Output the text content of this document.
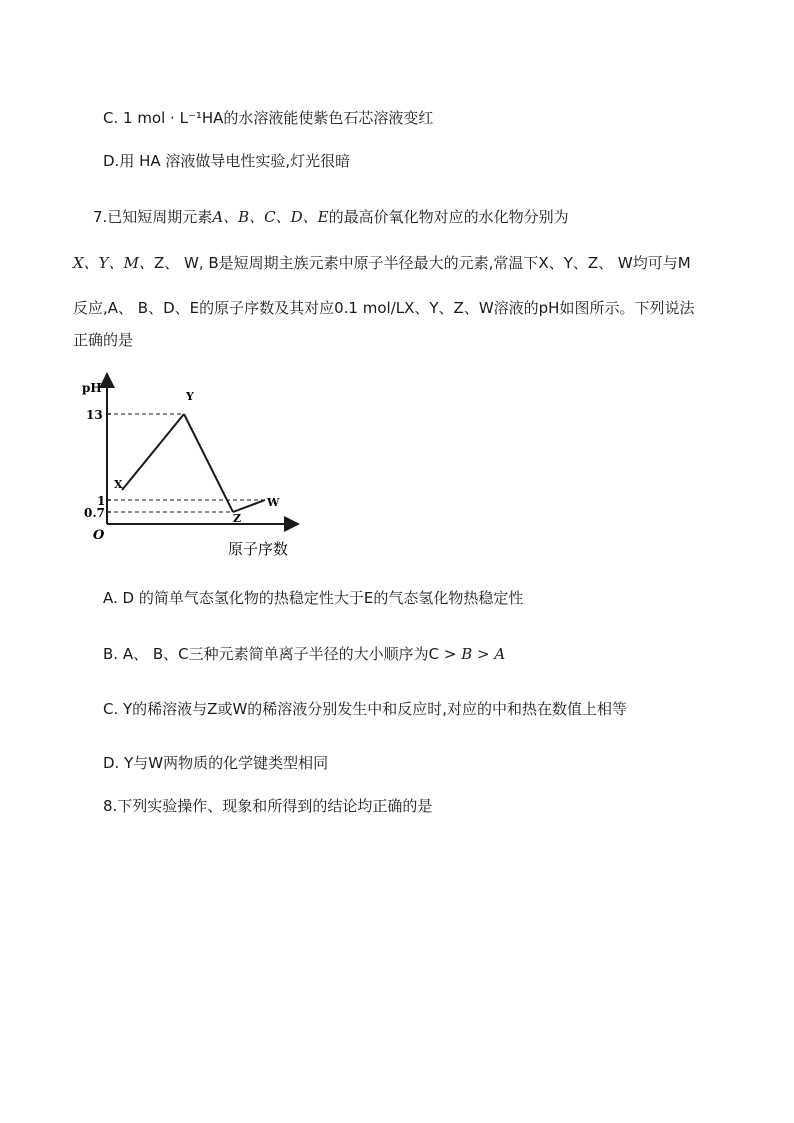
C. 1 mol · L⁻¹HA的水溶液能使紫色石芯溶液变红
D.用 HA 溶液做导电性实验,灯光很暗
7.已知短周期元素A、B、C、D、E的最高价氧化物对应的水化物分别为
X、Y、M、Z、 W, B是短周期主族元素中原子半径最大的元素,常温下X、Y、Z、 W均可与M
反应,A、 B、D、E的原子序数及其对应0.1 mol/LX、Y、Z、W溶液的pH如图所示。下列说法
正确的是
pH
O
原子序数
13
1
0.7
X
Y
Z
W
A. D 的简单气态氢化物的热稳定性大于E的气态氢化物热稳定性
B. A、 B、C三种元素简单离子半径的大小顺序为C > B > A
C. Y的稀溶液与Z或W的稀溶液分别发生中和反应时,对应的中和热在数值上相等
D. Y与W两物质的化学键类型相同
8.下列实验操作、现象和所得到的结论均正确的是
